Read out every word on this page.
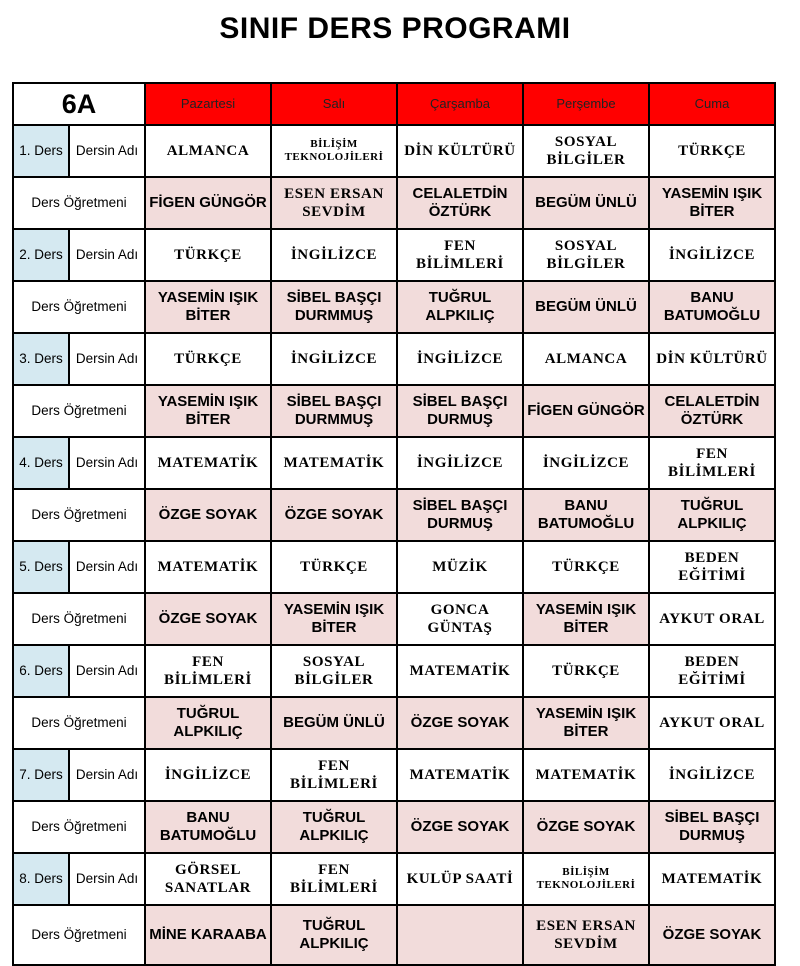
SINIF DERS PROGRAMI
6A		Pazartesi	Salı	Çarşamba	Perşembe	Cuma
1. Ders	Dersin Adı	ALMANCA	BİLİŞİM TEKNOLOJİLERİ	DİN KÜLTÜRÜ	SOSYAL BİLGİLER	TÜRKÇE
Ders Öğretmeni		FİGEN GÜNGÖR	ESEN ERSAN SEVDİM	CELALETDİN ÖZTÜRK	BEGÜM ÜNLÜ	YASEMİN IŞIK BİTER
2. Ders	Dersin Adı	TÜRKÇE	İNGİLİZCE	FEN BİLİMLERİ	SOSYAL BİLGİLER	İNGİLİZCE
Ders Öğretmeni		YASEMİN IŞIK BİTER	SİBEL BAŞÇI DURMMUŞ	TUĞRUL ALPKILIÇ	BEGÜM ÜNLÜ	BANU BATUMOĞLU
3. Ders	Dersin Adı	TÜRKÇE	İNGİLİZCE	İNGİLİZCE	ALMANCA	DİN KÜLTÜRÜ
Ders Öğretmeni		YASEMİN IŞIK BİTER	SİBEL BAŞÇI DURMMUŞ	SİBEL BAŞÇI DURMUŞ	FİGEN GÜNGÖR	CELALETDİN ÖZTÜRK
4. Ders	Dersin Adı	MATEMATİK	MATEMATİK	İNGİLİZCE	İNGİLİZCE	FEN BİLİMLERİ
Ders Öğretmeni		ÖZGE SOYAK	ÖZGE SOYAK	SİBEL BAŞÇI DURMUŞ	BANU BATUMOĞLU	TUĞRUL ALPKILIÇ
5. Ders	Dersin Adı	MATEMATİK	TÜRKÇE	MÜZİK	TÜRKÇE	BEDEN EĞİTİMİ
Ders Öğretmeni		ÖZGE SOYAK	YASEMİN IŞIK BİTER	GONCA GÜNTAŞ	YASEMİN IŞIK BİTER	AYKUT ORAL
6. Ders	Dersin Adı	FEN BİLİMLERİ	SOSYAL BİLGİLER	MATEMATİK	TÜRKÇE	BEDEN EĞİTİMİ
Ders Öğretmeni		TUĞRUL ALPKILIÇ	BEGÜM ÜNLÜ	ÖZGE SOYAK	YASEMİN IŞIK BİTER	AYKUT ORAL
7. Ders	Dersin Adı	İNGİLİZCE	FEN BİLİMLERİ	MATEMATİK	MATEMATİK	İNGİLİZCE
Ders Öğretmeni		BANU BATUMOĞLU	TUĞRUL ALPKILIÇ	ÖZGE SOYAK	ÖZGE SOYAK	SİBEL BAŞÇI DURMUŞ
8. Ders	Dersin Adı	GÖRSEL SANATLAR	FEN BİLİMLERİ	KULÜP SAATİ	BİLİŞİM TEKNOLOJİLERİ	MATEMATİK
Ders Öğretmeni		MİNE KARAABA	TUĞRUL ALPKILIÇ		ESEN ERSAN SEVDİM	ÖZGE SOYAK
